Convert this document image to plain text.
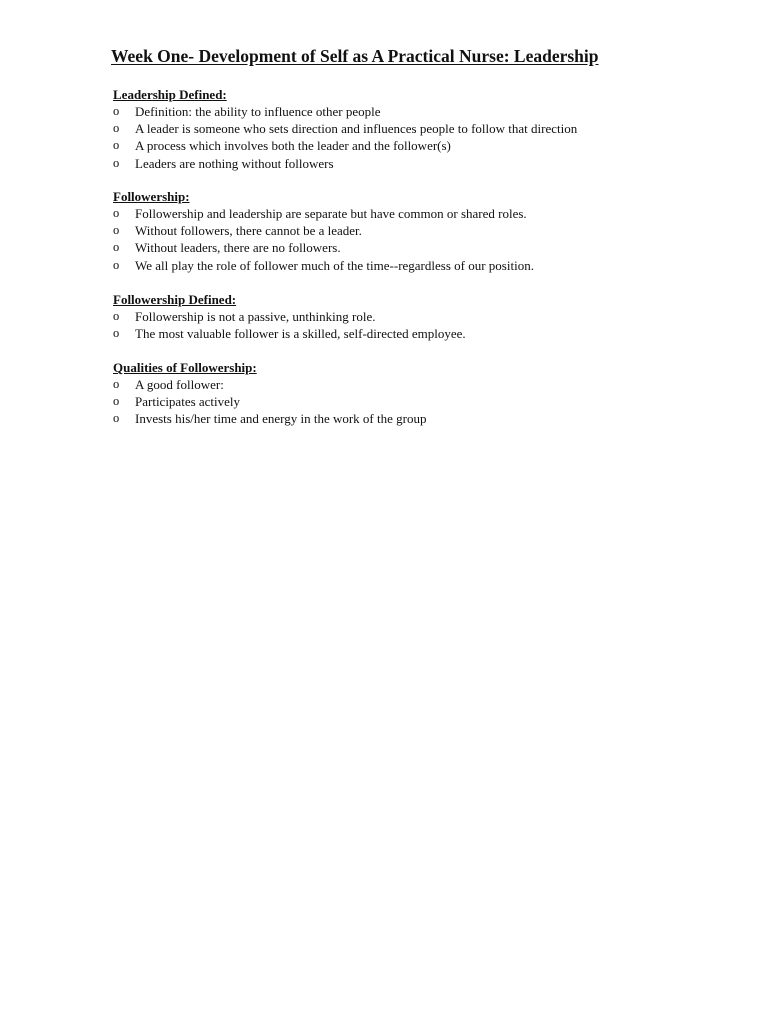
Week One- Development of Self as A Practical Nurse: Leadership
Leadership Defined:
o	Definition: the ability to influence other people
o	A leader is someone who sets direction and influences people to follow that direction
o	A process which involves both the leader and the follower(s)
o	Leaders are nothing without followers
Followership:
o	Followership and leadership are separate but have common or shared roles.
o	Without followers, there cannot be a leader.
o	Without leaders, there are no followers.
o	We all play the role of follower much of the time--regardless of our position.
Followership Defined:
o	Followership is not a passive, unthinking role.
o	The most valuable follower is a skilled, self-directed employee.
Qualities of Followership:
o	A good follower:
o	Participates actively
o	Invests his/her time and energy in the work of the group
